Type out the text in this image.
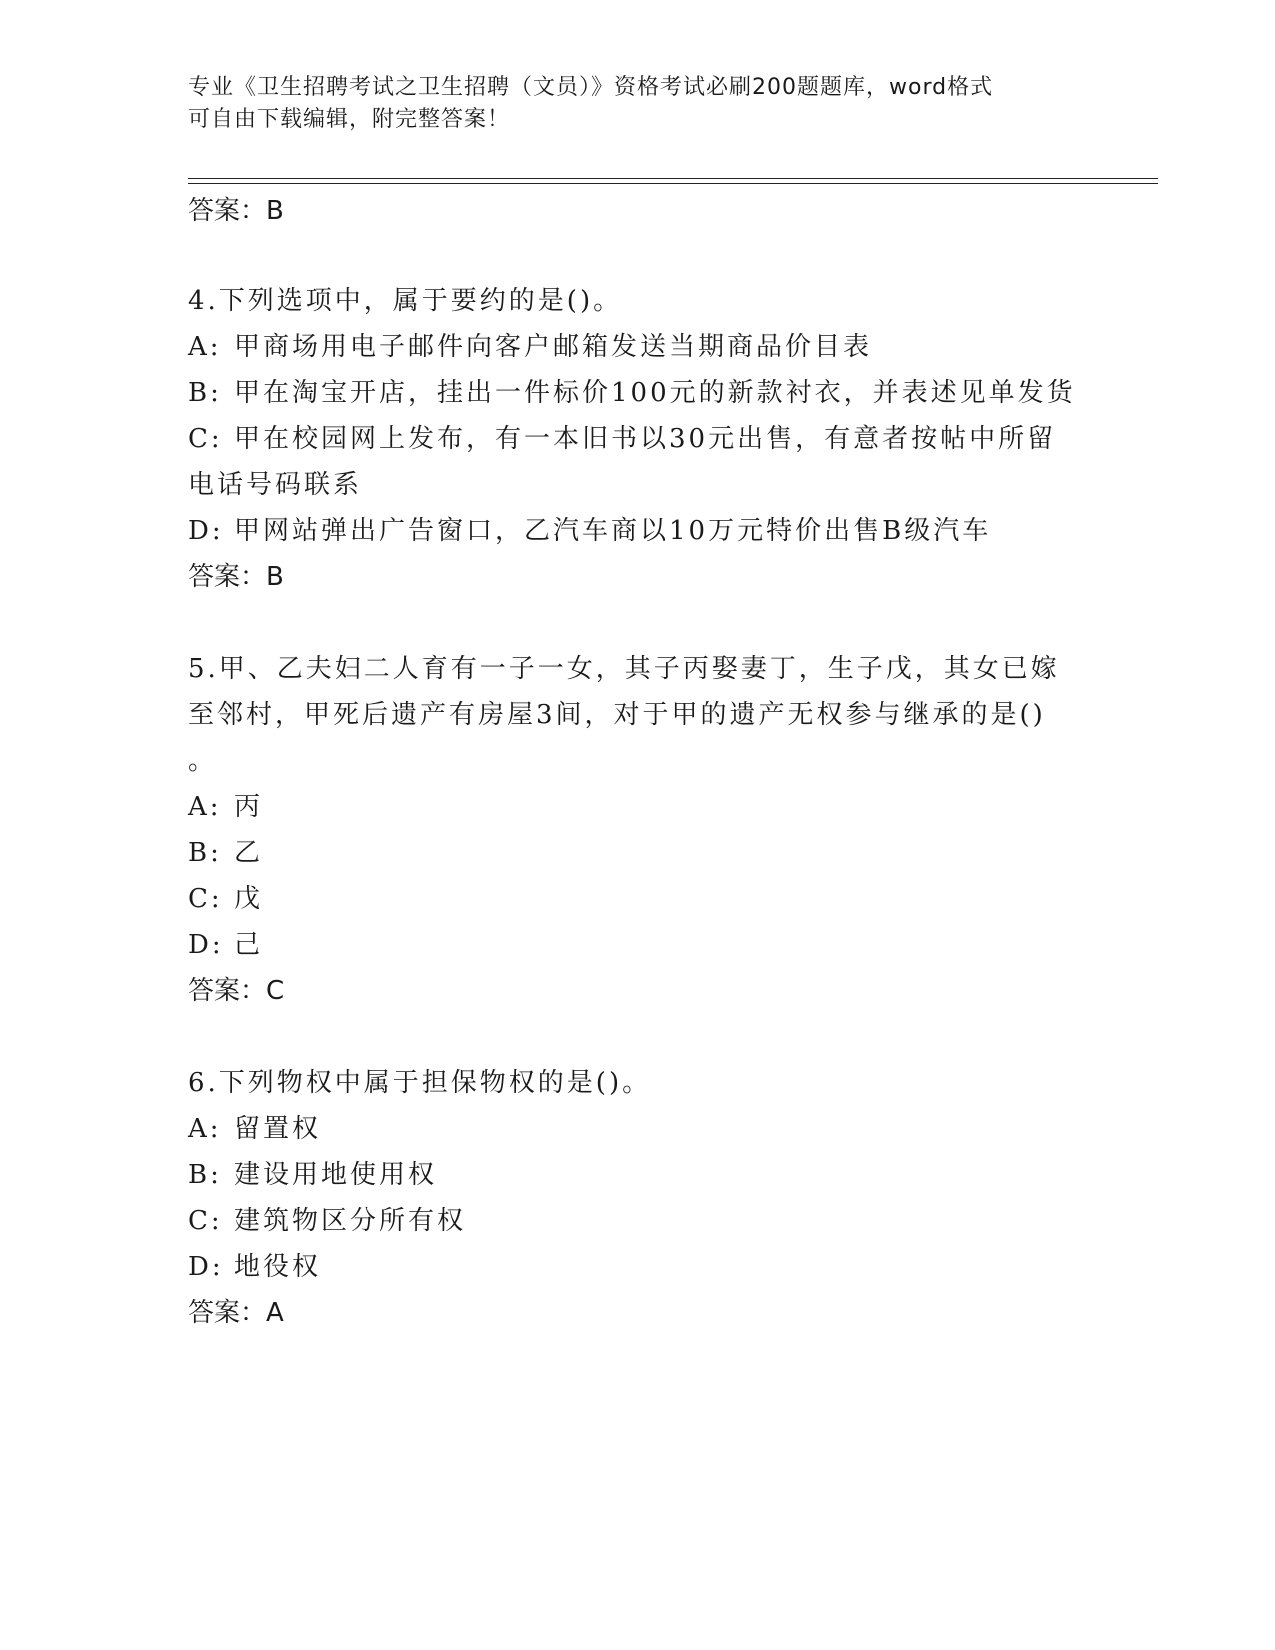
专业《卫生招聘考试之卫生招聘（文员）》资格考试必刷200题题库，word格式
可自由下载编辑，附完整答案！
答案：B
4.下列选项中，属于要约的是()。
A: 甲商场用电子邮件向客户邮箱发送当期商品价目表
B: 甲在淘宝开店，挂出一件标价100元的新款衬衣，并表述见单发货
C: 甲在校园网上发布，有一本旧书以30元出售，有意者按帖中所留
电话号码联系
D: 甲网站弹出广告窗口，乙汽车商以10万元特价出售B级汽车
答案：B
5.甲、乙夫妇二人育有一子一女，其子丙娶妻丁，生子戊，其女已嫁
至邻村，甲死后遗产有房屋3间，对于甲的遗产无权参与继承的是()
。
A: 丙
B: 乙
C: 戊
D: 己
答案：C
6.下列物权中属于担保物权的是()。
A: 留置权
B: 建设用地使用权
C: 建筑物区分所有权
D: 地役权
答案：A
